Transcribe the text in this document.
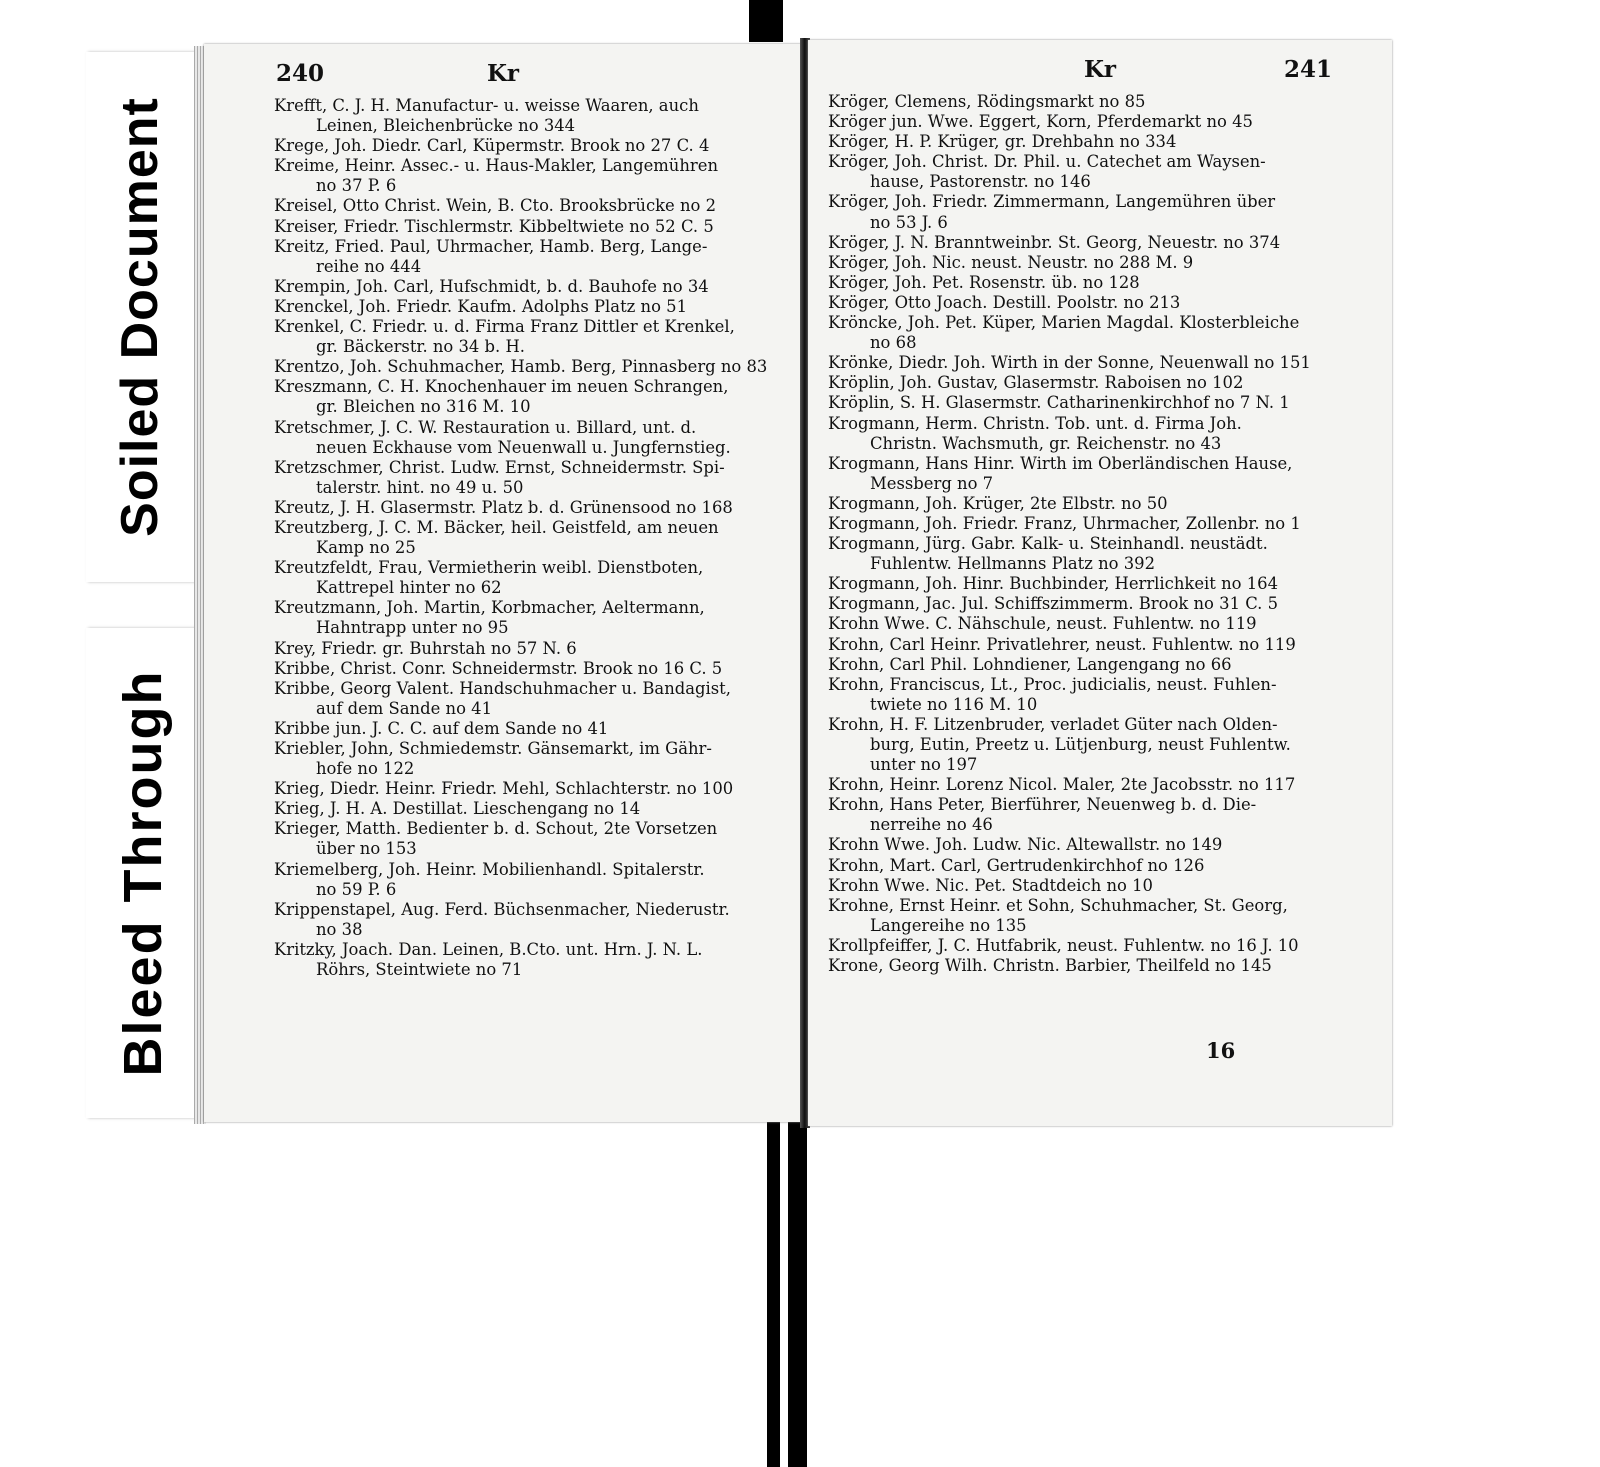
Soiled Document
Bleed Through
240	Kr
Krefft, C. J. H. Manufactur- u. weisse Waaren, auch
Leinen, Bleichenbrücke no 344
Krege, Joh. Diedr. Carl, Küpermstr. Brook no 27 C. 4
Kreime, Heinr. Assec.- u. Haus-Makler, Langemühren
no 37 P. 6
Kreisel, Otto Christ. Wein, B. Cto. Brooksbrücke no 2
Kreiser, Friedr. Tischlermstr. Kibbeltwiete no 52 C. 5
Kreitz, Fried. Paul, Uhrmacher, Hamb. Berg, Lange-
reihe no 444
Krempin, Joh. Carl, Hufschmidt, b. d. Bauhofe no 34
Krenckel, Joh. Friedr. Kaufm. Adolphs Platz no 51
Krenkel, C. Friedr. u. d. Firma Franz Dittler et Krenkel,
gr. Bäckerstr. no 34 b. H.
Krentzo, Joh. Schuhmacher, Hamb. Berg, Pinnasberg no 83
Kreszmann, C. H. Knochenhauer im neuen Schrangen,
gr. Bleichen no 316 M. 10
Kretschmer, J. C. W. Restauration u. Billard, unt. d.
neuen Eckhause vom Neuenwall u. Jungfernstieg.
Kretzschmer, Christ. Ludw. Ernst, Schneidermstr. Spi-
talerstr. hint. no 49 u. 50
Kreutz, J. H. Glasermstr. Platz b. d. Grünensood no 168
Kreutzberg, J. C. M. Bäcker, heil. Geistfeld, am neuen
Kamp no 25
Kreutzfeldt, Frau, Vermietherin weibl. Dienstboten,
Kattrepel hinter no 62
Kreutzmann, Joh. Martin, Korbmacher, Aeltermann,
Hahntrapp unter no 95
Krey, Friedr. gr. Buhrstah no 57 N. 6
Kribbe, Christ. Conr. Schneidermstr. Brook no 16 C. 5
Kribbe, Georg Valent. Handschuhmacher u. Bandagist,
auf dem Sande no 41
Kribbe jun. J. C. C. auf dem Sande no 41
Kriebler, John, Schmiedemstr. Gänsemarkt, im Gähr-
hofe no 122
Krieg, Diedr. Heinr. Friedr. Mehl, Schlachterstr. no 100
Krieg, J. H. A. Destillat. Lieschengang no 14
Krieger, Matth. Bedienter b. d. Schout, 2te Vorsetzen
über no 153
Kriemelberg, Joh. Heinr. Mobilienhandl. Spitalerstr.
no 59 P. 6
Krippenstapel, Aug. Ferd. Büchsenmacher, Niederustr.
no 38
Kritzky, Joach. Dan. Leinen, B.Cto. unt. Hrn. J. N. L.
Röhrs, Steintwiete no 71
Kr	241
Kröger, Clemens, Rödingsmarkt no 85
Kröger jun. Wwe. Eggert, Korn, Pferdemarkt no 45
Kröger, H. P. Krüger, gr. Drehbahn no 334
Kröger, Joh. Christ. Dr. Phil. u. Catechet am Waysen-
hause, Pastorenstr. no 146
Kröger, Joh. Friedr. Zimmermann, Langemühren über
no 53 J. 6
Kröger, J. N. Branntweinbr. St. Georg, Neuestr. no 374
Kröger, Joh. Nic. neust. Neustr. no 288 M. 9
Kröger, Joh. Pet. Rosenstr. üb. no 128
Kröger, Otto Joach. Destill. Poolstr. no 213
Kröncke, Joh. Pet. Küper, Marien Magdal. Klosterbleiche
no 68
Krönke, Diedr. Joh. Wirth in der Sonne, Neuenwall no 151
Kröplin, Joh. Gustav, Glasermstr. Raboisen no 102
Kröplin, S. H. Glasermstr. Catharinenkirchhof no 7 N. 1
Krogmann, Herm. Christn. Tob. unt. d. Firma Joh.
Christn. Wachsmuth, gr. Reichenstr. no 43
Krogmann, Hans Hinr. Wirth im Oberländischen Hause,
Messberg no 7
Krogmann, Joh. Krüger, 2te Elbstr. no 50
Krogmann, Joh. Friedr. Franz, Uhrmacher, Zollenbr. no 1
Krogmann, Jürg. Gabr. Kalk- u. Steinhandl. neustädt.
Fuhlentw. Hellmanns Platz no 392
Krogmann, Joh. Hinr. Buchbinder, Herrlichkeit no 164
Krogmann, Jac. Jul. Schiffszimmerm. Brook no 31 C. 5
Krohn Wwe. C. Nähschule, neust. Fuhlentw. no 119
Krohn, Carl Heinr. Privatlehrer, neust. Fuhlentw. no 119
Krohn, Carl Phil. Lohndiener, Langengang no 66
Krohn, Franciscus, Lt., Proc. judicialis, neust. Fuhlen-
twiete no 116 M. 10
Krohn, H. F. Litzenbruder, verladet Güter nach Olden-
burg, Eutin, Preetz u. Lütjenburg, neust Fuhlentw.
unter no 197
Krohn, Heinr. Lorenz Nicol. Maler, 2te Jacobsstr. no 117
Krohn, Hans Peter, Bierführer, Neuenweg b. d. Die-
nerreihe no 46
Krohn Wwe. Joh. Ludw. Nic. Altewallstr. no 149
Krohn, Mart. Carl, Gertrudenkirchhof no 126
Krohn Wwe. Nic. Pet. Stadtdeich no 10
Krohne, Ernst Heinr. et Sohn, Schuhmacher, St. Georg,
Langereihe no 135
Krollpfeiffer, J. C. Hutfabrik, neust. Fuhlentw. no 16 J. 10
Krone, Georg Wilh. Christn. Barbier, Theilfeld no 145
16
